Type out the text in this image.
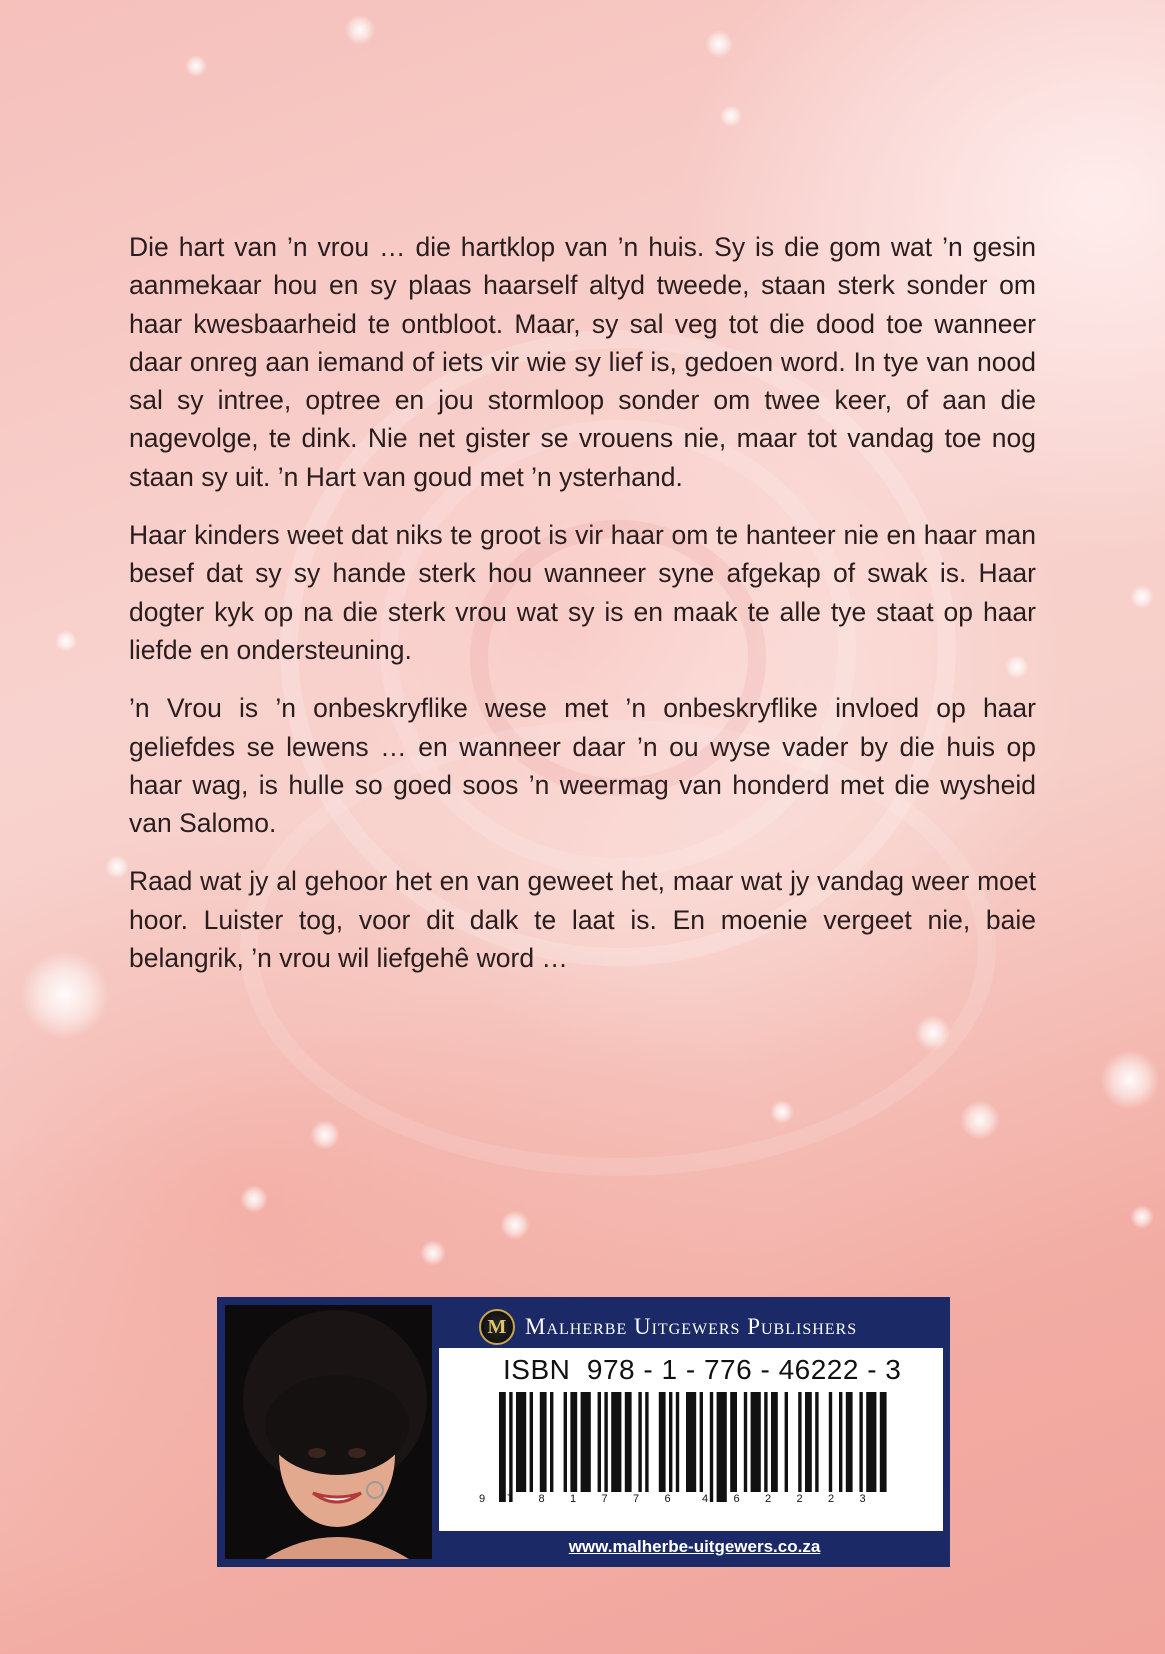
Die hart van ’n vrou … die hartklop van ’n huis. Sy is die gom wat ’n gesin aanmekaar hou en sy plaas haarself altyd tweede, staan sterk sonder om haar kwesbaarheid te ontbloot. Maar, sy sal veg tot die dood toe wanneer daar onreg aan iemand of iets vir wie sy lief is, gedoen word. In tye van nood sal sy intree, optree en jou stormloop sonder om twee keer, of aan die nagevolge, te dink. Nie net gister se vrouens nie, maar tot vandag toe nog staan sy uit. ’n Hart van goud met ’n ysterhand.

Haar kinders weet dat niks te groot is vir haar om te hanteer nie en haar man besef dat sy sy hande sterk hou wanneer syne afgekap of swak is. Haar dogter kyk op na die sterk vrou wat sy is en maak te alle tye staat op haar liefde en ondersteuning.

’n Vrou is ’n onbeskryflike wese met ’n onbeskryflike invloed op haar geliefdes se lewens … en wanneer daar ’n ou wyse vader by die huis op haar wag, is hulle so goed soos ’n weermag van honderd met die wysheid van Salomo.

Raad wat jy al gehoor het en van geweet het, maar wat jy vandag weer moet hoor. Luister tog, voor dit dalk te laat is. En moenie vergeet nie, baie belangrik, ’n vrou wil liefgehê word …

M Malherbe Uitgewers Publishers
ISBN  978 - 1 - 776 - 46222 - 3
9 7 8 1 7 7 6	4 6 2 2 2 3
www.malherbe-uitgewers.co.za
